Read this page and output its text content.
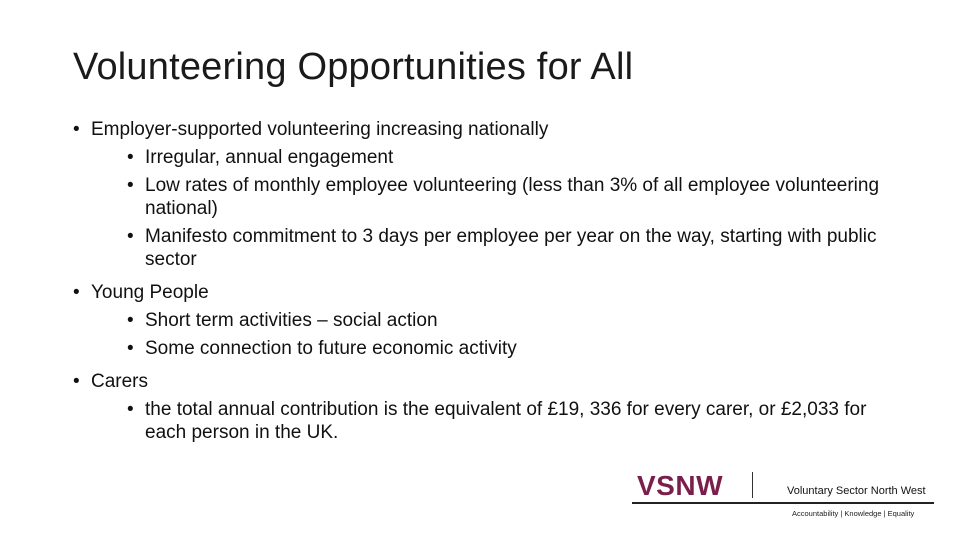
Volunteering Opportunities for All
• Employer-supported volunteering increasing nationally
• Irregular, annual engagement
• Low rates of monthly employee volunteering (less than 3% of all employee volunteering national)
• Manifesto commitment to 3 days per employee per year on the way, starting with public sector
• Young People
• Short term activities – social action
• Some connection to future economic activity
• Carers
• the total annual contribution is the equivalent of £19, 336 for every carer, or £2,033 for each person in the UK.
VSNW	Voluntary Sector North West
Accountability | Knowledge | Equality
